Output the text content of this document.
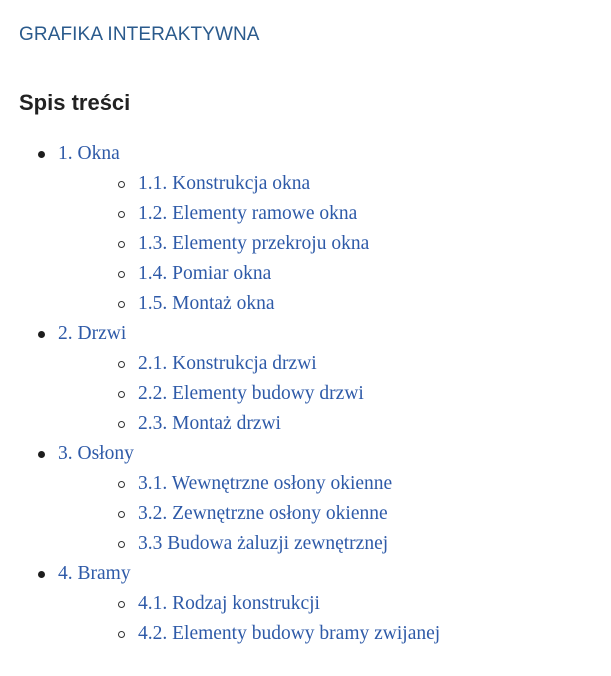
GRAFIKA INTERAKTYWNA
Spis treści
1. Okna
1.1. Konstrukcja okna
1.2. Elementy ramowe okna
1.3. Elementy przekroju okna
1.4. Pomiar okna
1.5. Montaż okna
2. Drzwi
2.1. Konstrukcja drzwi
2.2. Elementy budowy drzwi
2.3. Montaż drzwi
3. Osłony
3.1. Wewnętrzne osłony okienne
3.2. Zewnętrzne osłony okienne
3.3 Budowa żaluzji zewnętrznej
4. Bramy
4.1. Rodzaj konstrukcji
4.2. Elementy budowy bramy zwijanej
